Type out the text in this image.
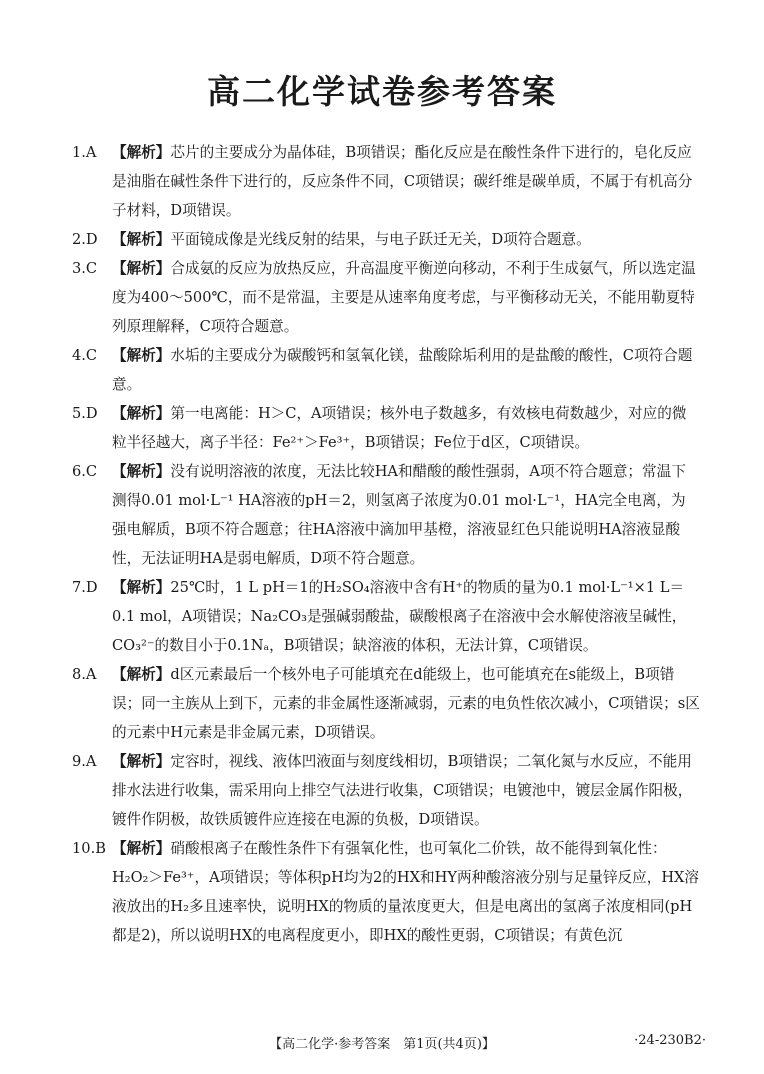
高二化学试卷参考答案
1.A 【解析】芯片的主要成分为晶体硅，B项错误；酯化反应是在酸性条件下进行的，皂化反应是油脂在碱性条件下进行的，反应条件不同，C项错误；碳纤维是碳单质，不属于有机高分子材料，D项错误。
2.D 【解析】平面镜成像是光线反射的结果，与电子跃迁无关，D项符合题意。
3.C 【解析】合成氨的反应为放热反应，升高温度平衡逆向移动，不利于生成氨气，所以选定温度为400～500℃，而不是常温，主要是从速率角度考虑，与平衡移动无关，不能用勒夏特列原理解释，C项符合题意。
4.C 【解析】水垢的主要成分为碳酸钙和氢氧化镁，盐酸除垢利用的是盐酸的酸性，C项符合题意。
5.D 【解析】第一电离能：H＞C，A项错误；核外电子数越多，有效核电荷数越少，对应的微粒半径越大，离子半径：Fe²⁺＞Fe³⁺，B项错误；Fe位于d区，C项错误。
6.C 【解析】没有说明溶液的浓度，无法比较HA和醋酸的酸性强弱，A项不符合题意；常温下测得0.01 mol·L⁻¹ HA溶液的pH＝2，则氢离子浓度为0.01 mol·L⁻¹，HA完全电离，为强电解质，B项不符合题意；往HA溶液中滴加甲基橙，溶液显红色只能说明HA溶液显酸性，无法证明HA是弱电解质，D项不符合题意。
7.D 【解析】25℃时，1 L pH＝1的H₂SO₄溶液中含有H⁺的物质的量为0.1 mol·L⁻¹×1 L＝0.1 mol，A项错误；Na₂CO₃是强碱弱酸盐，碳酸根离子在溶液中会水解使溶液呈碱性，CO₃²⁻的数目小于0.1Nₐ，B项错误；缺溶液的体积，无法计算，C项错误。
8.A 【解析】d区元素最后一个核外电子可能填充在d能级上，也可能填充在s能级上，B项错误；同一主族从上到下，元素的非金属性逐渐减弱，元素的电负性依次减小，C项错误；s区的元素中H元素是非金属元素，D项错误。
9.A 【解析】定容时，视线、液体凹液面与刻度线相切，B项错误；二氧化氮与水反应，不能用排水法进行收集，需采用向上排空气法进行收集，C项错误；电镀池中，镀层金属作阳极，镀件作阴极，故铁质镀件应连接在电源的负极，D项错误。
10.B 【解析】硝酸根离子在酸性条件下有强氧化性，也可氧化二价铁，故不能得到氧化性：H₂O₂＞Fe³⁺，A项错误；等体积pH均为2的HX和HY两种酸溶液分别与足量锌反应，HX溶液放出的H₂多且速率快，说明HX的物质的量浓度更大，但是电离出的氢离子浓度相同(pH都是2)，所以说明HX的电离程度更小，即HX的酸性更弱，C项错误；有黄色沉
【高二化学·参考答案　第1页(共4页)】	·24-230B2·
